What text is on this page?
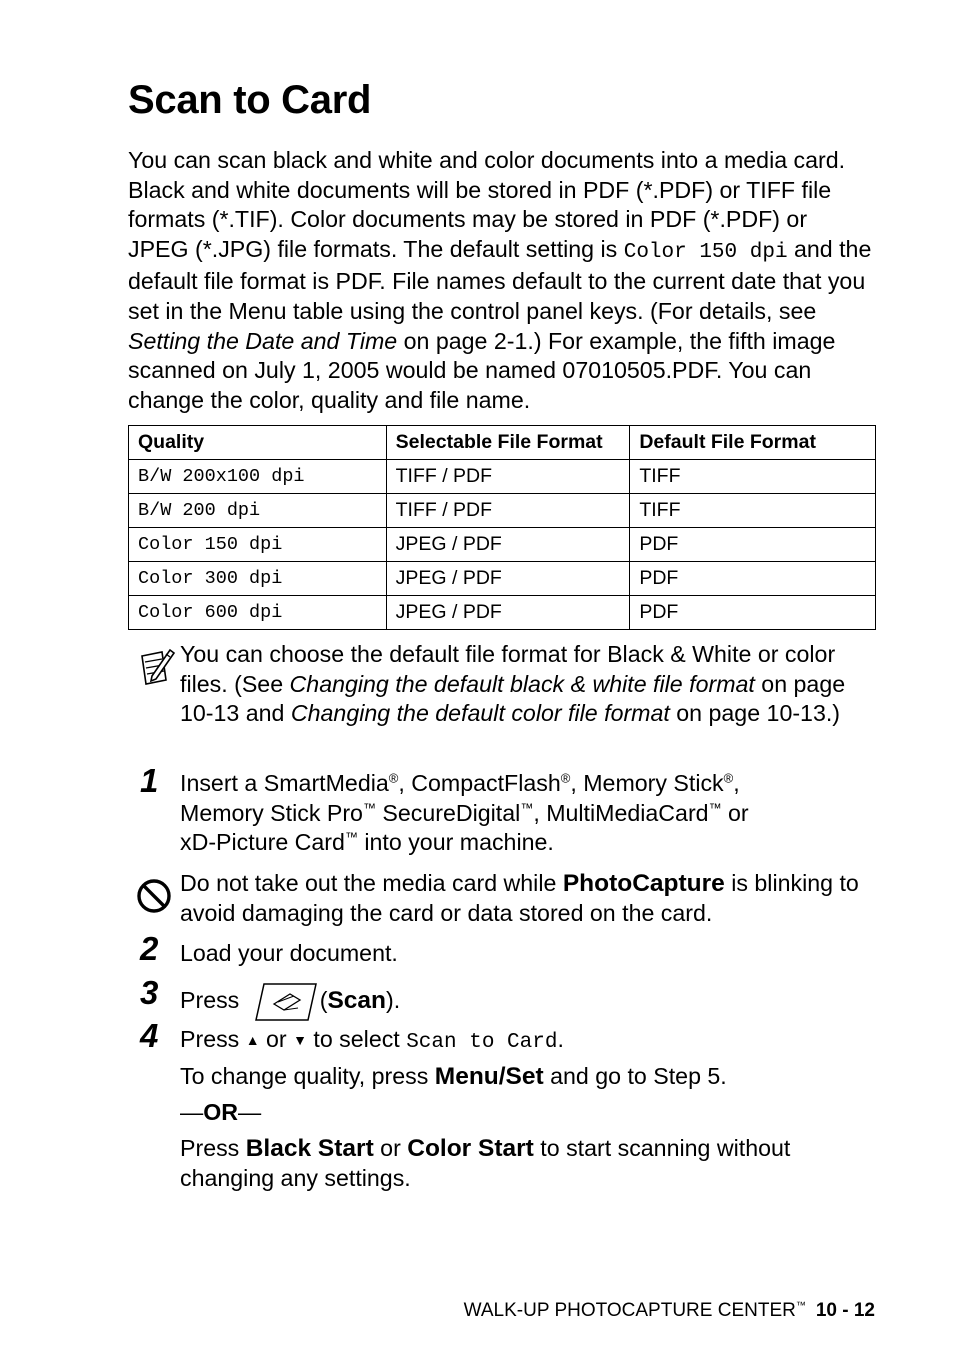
Scan to Card

You can scan black and white and color documents into a media card. Black and white documents will be stored in PDF (*.PDF) or TIFF file formats (*.TIF). Color documents may be stored in PDF (*.PDF) or JPEG (*.JPG) file formats. The default setting is Color 150 dpi and the default file format is PDF. File names default to the current date that you set in the Menu table using the control panel keys. (For details, see Setting the Date and Time on page 2-1.) For example, the fifth image scanned on July 1, 2005 would be named 07010505.PDF. You can change the color, quality and file name.

Quality	Selectable File Format	Default File Format
B/W 200x100 dpi	TIFF / PDF	TIFF
B/W 200 dpi	TIFF / PDF	TIFF
Color 150 dpi	JPEG / PDF	PDF
Color 300 dpi	JPEG / PDF	PDF
Color 600 dpi	JPEG / PDF	PDF
You can choose the default file format for Black & White or color files. (See Changing the default black & white file format on page 10-13 and Changing the default color file format on page 10-13.)
1 Insert a SmartMedia®, CompactFlash®, Memory Stick®,
Memory Stick Pro™ SecureDigital™, MultiMediaCard™ or
xD-Picture Card™ into your machine.
Do not take out the media card while PhotoCapture is blinking to avoid damaging the card or data stored on the card.
2 Load your document.
3 Press	(Scan).
4 Press ▲ or ▼ to select Scan to Card.
To change quality, press Menu/Set and go to Step 5.
—OR—
Press Black Start or Color Start to start scanning without changing any settings.
WALK-UP PHOTOCAPTURE CENTER™ 10 - 12
